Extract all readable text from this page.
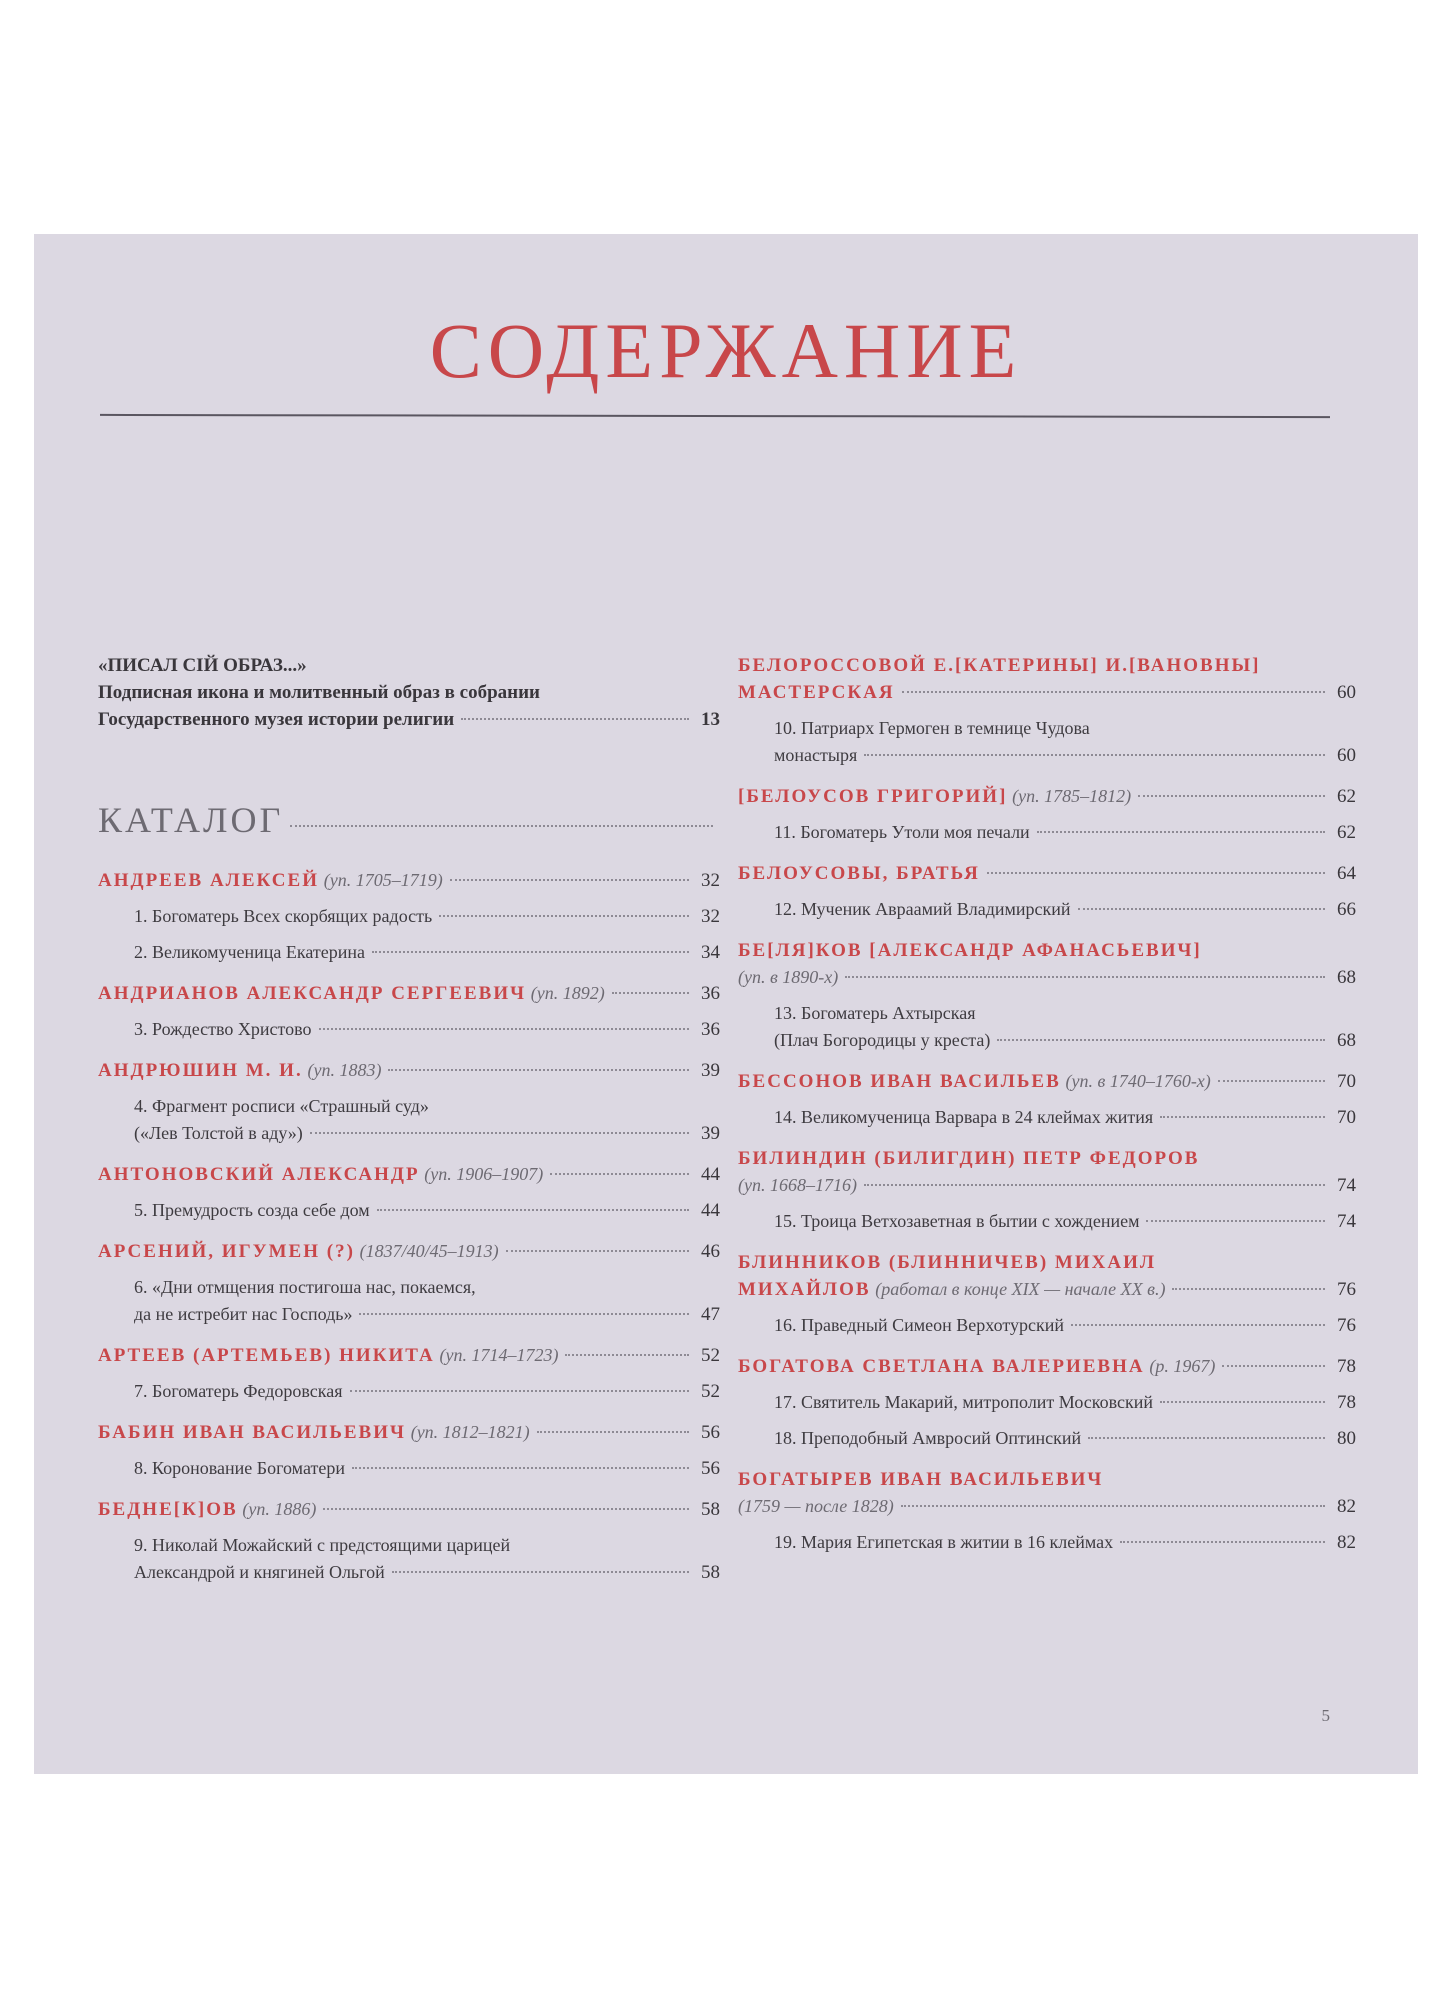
СОДЕРЖАНИЕ
«ПИСАЛ СІЙ ОБРАЗ...»
Подписная икона и молитвенный образ в собрании
Государственного музея истории религии	13
КАТАЛОГ
АНДРЕЕВ АЛЕКСЕЙ (уп. 1705–1719)	32
1. Богоматерь Всех скорбящих радость	32
2. Великомученица Екатерина	34
АНДРИАНОВ АЛЕКСАНДР СЕРГЕЕВИЧ (уп. 1892)	36
3. Рождество Христово	36
АНДРЮШИН М. И. (уп. 1883)	39
4. Фрагмент росписи «Страшный суд»
(«Лев Толстой в аду»)	39
АНТОНОВСКИЙ АЛЕКСАНДР (уп. 1906–1907)	44
5. Премудрость созда себе дом	44
АРСЕНИЙ, ИГУМЕН (?) (1837/40/45–1913)	46
6. «Дни отмщения постигоша нас, покаемся,
да не истребит нас Господь»	47
АРТЕЕВ (АРТЕМЬЕВ) НИКИТА (уп. 1714–1723)	52
7. Богоматерь Федоровская	52
БАБИН ИВАН ВАСИЛЬЕВИЧ (уп. 1812–1821)	56
8. Коронование Богоматери	56
БЕДНЕ[К]ОВ (уп. 1886)	58
9. Николай Можайский с предстоящими царицей
Александрой и княгиней Ольгой	58
БЕЛОРОССОВОЙ Е.[КАТЕРИНЫ] И.[ВАНОВНЫ]
МАСТЕРСКАЯ	60
10. Патриарх Гермоген в темнице Чудова
монастыря	60
[БЕЛОУСОВ ГРИГОРИЙ] (уп. 1785–1812)	62
11. Богоматерь Утоли моя печали	62
БЕЛОУСОВЫ, БРАТЬЯ	64
12. Мученик Авраамий Владимирский	66
БЕ[ЛЯ]КОВ [АЛЕКСАНДР АФАНАСЬЕВИЧ]
(уп. в 1890-х)	68
13. Богоматерь Ахтырская
(Плач Богородицы у креста)	68
БЕССОНОВ ИВАН ВАСИЛЬЕВ (уп. в 1740–1760-х)	70
14. Великомученица Варвара в 24 клеймах жития	70
БИЛИНДИН (БИЛИГДИН) ПЕТР ФЕДОРОВ
(уп. 1668–1716)	74
15. Троица Ветхозаветная в бытии с хождением	74
БЛИННИКОВ (БЛИННИЧЕВ) МИХАИЛ
МИХАЙЛОВ (работал в конце XIX — начале XX в.)	76
16. Праведный Симеон Верхотурский	76
БОГАТОВА СВЕТЛАНА ВАЛЕРИЕВНА (р. 1967)	78
17. Святитель Макарий, митрополит Московский	78
18. Преподобный Амвросий Оптинский	80
БОГАТЫРЕВ ИВАН ВАСИЛЬЕВИЧ
(1759 — после 1828)	82
19. Мария Египетская в житии в 16 клеймах	82
5
